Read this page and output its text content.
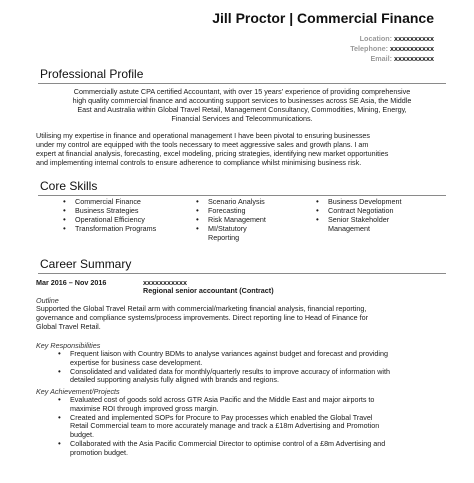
Jill Proctor | Commercial Finance
Location: xxxxxxxxxx
Telephone: xxxxxxxxxxx
Email: xxxxxxxxxx
Professional Profile
Commercially astute CPA certified Accountant, with over 15 years' experience of providing comprehensive
high quality commercial finance and accounting support services to businesses across SE Asia, the Middle
East and Australia within Global Travel Retail, Management Consultancy, Commodities, Mining, Energy,
Financial Services and Telecommunications.
Utilising my expertise in finance and operational management I have been pivotal to ensuring businesses
under my control are equipped with the tools necessary to meet aggressive sales and growth plans. I am
expert at financial analysis, forecasting, excel modeling, pricing strategies, identifying new market opportunities
and implementing internal controls to ensure adherence to compliance whilst minimising business risk.
Core Skills
• Commercial Finance
• Business Strategies
• Operational Efficiency
• Transformation Programs
• Scenario Analysis
• Forecasting
• Risk Management
• MI/Statutory
Reporting
• Business Development
• Contract Negotiation
• Senior Stakeholder
Management
Career Summary
Mar 2016 – Nov 2016	xxxxxxxxxxx
Regional senior accountant (Contract)
Outline
Supported the Global Travel Retail arm with commercial/marketing financial analysis, financial reporting,
governance and compliance systems/process improvements. Direct reporting line to Head of Finance for
Global Travel Retail.
Key Responsibilities
• Frequent liaison with Country BDMs to analyse variances against budget and forecast and providing
expertise for business case development.
• Consolidated and validated data for monthly/quarterly results to improve accuracy of information with
detailed supporting analysis fully aligned with brands and regions.
Key Achievement/Projects
• Evaluated cost of goods sold across GTR Asia Pacific and the Middle East and major airports to
maximise ROI through improved gross margin.
• Created and implemented SOPs for Procure to Pay processes which enabled the Global Travel
Retail Commercial team to more accurately manage and track a £18m Advertising and Promotion
budget.
• Collaborated with the Asia Pacific Commercial Director to optimise control of a £8m Advertising and
promotion budget.
